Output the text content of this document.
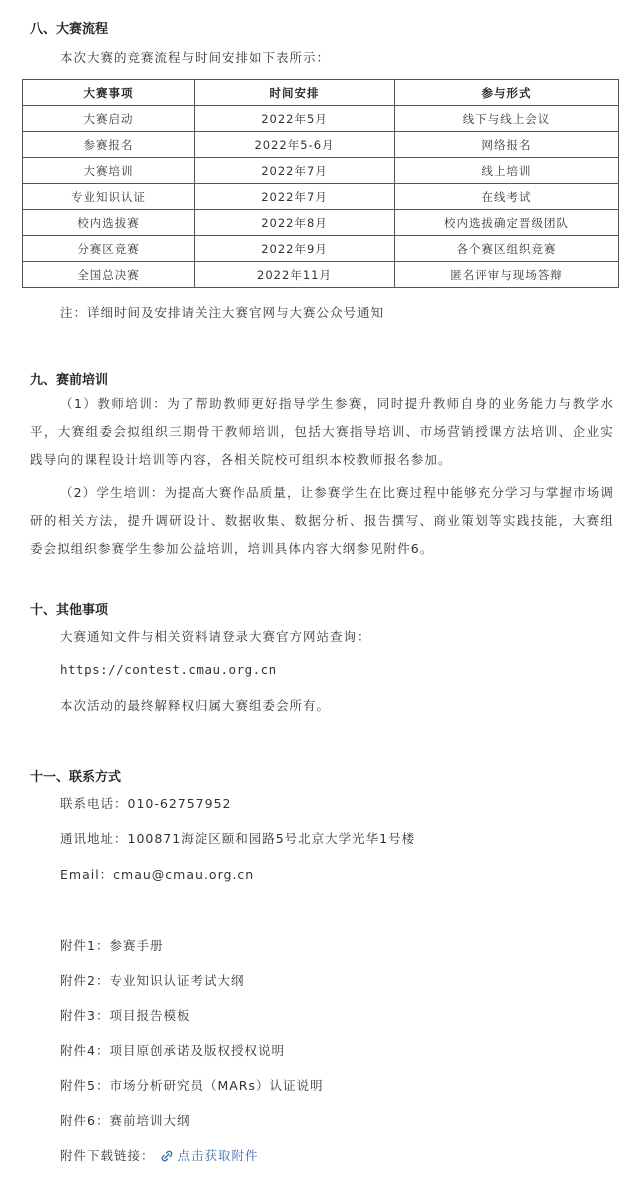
八、大赛流程
本次大赛的竞赛流程与时间安排如下表所示：
大赛事项	时间安排	参与形式
大赛启动	2022年5月	线下与线上会议
参赛报名	2022年5-6月	网络报名
大赛培训	2022年7月	线上培训
专业知识认证	2022年7月	在线考试
校内选拔赛	2022年8月	校内选拔确定晋级团队
分赛区竞赛	2022年9月	各个赛区组织竞赛
全国总决赛	2022年11月	匿名评审与现场答辩
注：详细时间及安排请关注大赛官网与大赛公众号通知
九、赛前培训
（1）教师培训：为了帮助教师更好指导学生参赛，同时提升教师自身的业务能力与教学水平，大赛组委会拟组织三期骨干教师培训，包括大赛指导培训、市场营销授课方法培训、企业实践导向的课程设计培训等内容，各相关院校可组织本校教师报名参加。
（2）学生培训：为提高大赛作品质量，让参赛学生在比赛过程中能够充分学习与掌握市场调研的相关方法，提升调研设计、数据收集、数据分析、报告撰写、商业策划等实践技能，大赛组委会拟组织参赛学生参加公益培训，培训具体内容大纲参见附件6。
十、其他事项
大赛通知文件与相关资料请登录大赛官方网站查询：
https://contest.cmau.org.cn
本次活动的最终解释权归属大赛组委会所有。
十一、联系方式
联系电话：010-62757952
通讯地址：100871海淀区颐和园路5号北京大学光华1号楼
Email：cmau@cmau.org.cn
附件1：参赛手册
附件2：专业知识认证考试大纲
附件3：项目报告模板
附件4：项目原创承诺及版权授权说明
附件5：市场分析研究员（MARs）认证说明
附件6：赛前培训大纲
附件下载链接： 点击获取附件
